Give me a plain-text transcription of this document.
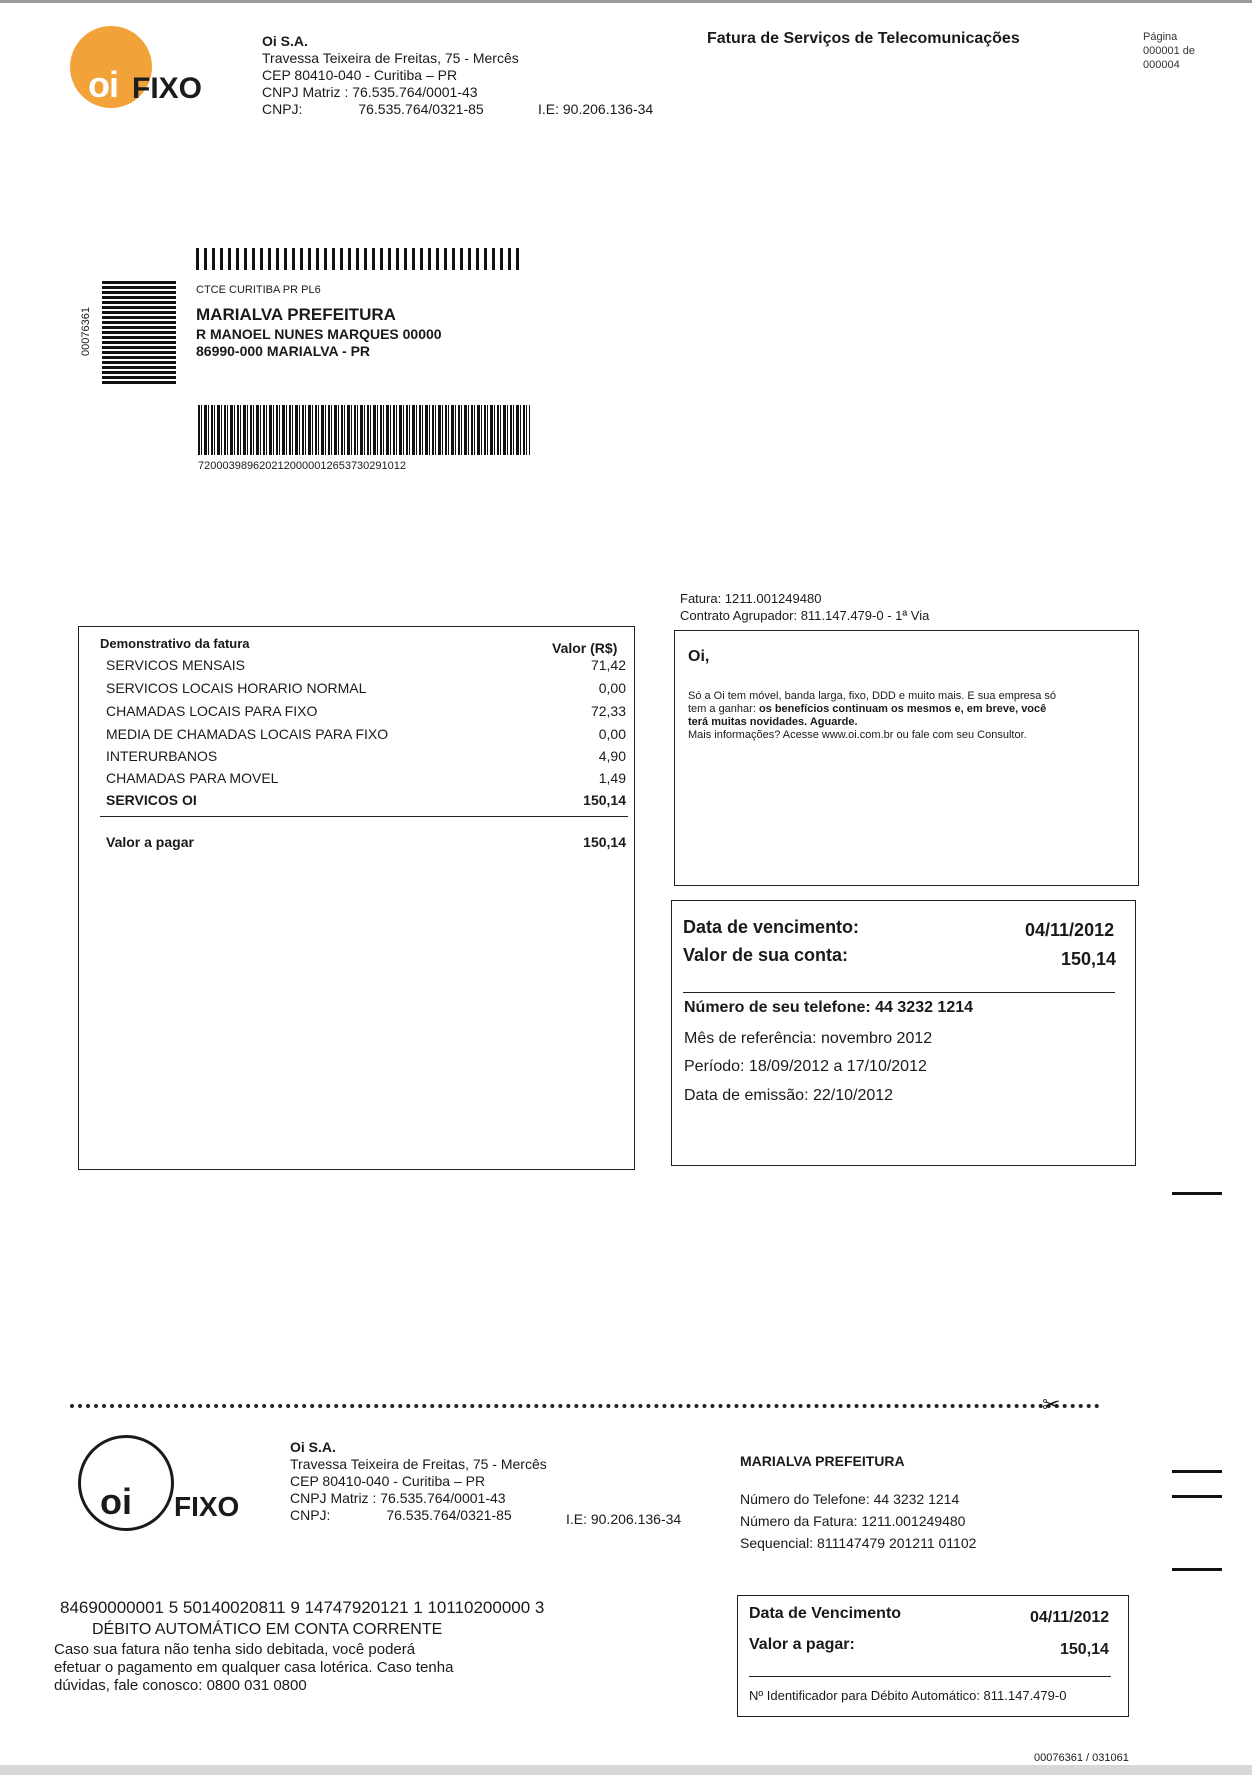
oi FIXO
Oi S.A.
Travessa Teixeira de Freitas, 75 - Mercês
CEP 80410-040 - Curitiba – PR
CNPJ Matriz : 76.535.764/0001-43
CNPJ:	76.535.764/0321-85	I.E: 90.206.136-34
Fatura de Serviços de Telecomunicações	Página
000001 de
000004
00076361
CTCE CURITIBA PR PL6
MARIALVA PREFEITURA
R MANOEL NUNES MARQUES 00000
86990-000 MARIALVA - PR
7200039896202120000012653730291012
Fatura: 1211.001249480
Contrato Agrupador: 811.147.479-0 - 1ª Via
Demonstrativo da fatura	Valor (R$)
SERVICOS MENSAIS	71,42
SERVICOS LOCAIS HORARIO NORMAL	0,00
CHAMADAS LOCAIS PARA FIXO	72,33
MEDIA DE CHAMADAS LOCAIS PARA FIXO	0,00
INTERURBANOS	4,90
CHAMADAS PARA MOVEL	1,49
SERVICOS OI	150,14
Valor a pagar	150,14
Oi,
Só a Oi tem móvel, banda larga, fixo, DDD e muito mais. E sua empresa só
tem a ganhar: os benefícios continuam os mesmos e, em breve, você
terá muitas novidades. Aguarde.
Mais informações? Acesse www.oi.com.br ou fale com seu Consultor.
Data de vencimento:	04/11/2012
Valor de sua conta:	150,14
Número de seu telefone: 44 3232 1214
Mês de referência: novembro 2012
Período: 18/09/2012 a 17/10/2012
Data de emissão: 22/10/2012
✂
oi FIXO
Oi S.A.
Travessa Teixeira de Freitas, 75 - Mercês
CEP 80410-040 - Curitiba – PR
CNPJ Matriz : 76.535.764/0001-43
CNPJ:	76.535.764/0321-85	I.E: 90.206.136-34
MARIALVA PREFEITURA
Número do Telefone: 44 3232 1214
Número da Fatura: 1211.001249480
Sequencial: 811147479 201211 01102
84690000001 5 50140020811 9 14747920121 1 10110200000 3
DÉBITO AUTOMÁTICO EM CONTA CORRENTE
Caso sua fatura não tenha sido debitada, você poderá
efetuar o pagamento em qualquer casa lotérica. Caso tenha
dúvidas, fale conosco: 0800 031 0800
Data de Vencimento	04/11/2012
Valor a pagar:	150,14
Nº Identificador para Débito Automático: 811.147.479-0
00076361 / 031061
